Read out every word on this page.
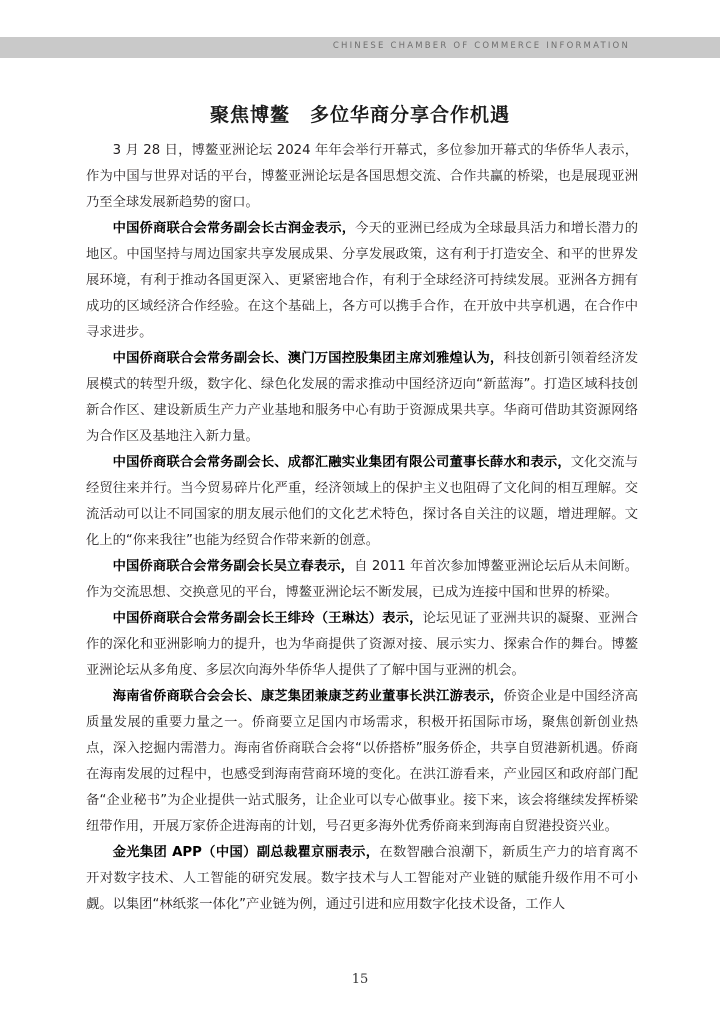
CHINESE CHAMBER OF COMMERCE INFORMATION
聚焦博鳌　多位华商分享合作机遇

3 月 28 日，博鳌亚洲论坛 2024 年年会举行开幕式，多位参加开幕式的华侨华人表示，作为中国与世界对话的平台，博鳌亚洲论坛是各国思想交流、合作共赢的桥梁，也是展现亚洲乃至全球发展新趋势的窗口。

中国侨商联合会常务副会长古润金表示，今天的亚洲已经成为全球最具活力和增长潜力的地区。中国坚持与周边国家共享发展成果、分享发展政策，这有利于打造安全、和平的世界发展环境，有利于推动各国更深入、更紧密地合作，有利于全球经济可持续发展。亚洲各方拥有成功的区域经济合作经验。在这个基础上，各方可以携手合作，在开放中共享机遇，在合作中寻求进步。

中国侨商联合会常务副会长、澳门万国控股集团主席刘雅煌认为，科技创新引领着经济发展模式的转型升级，数字化、绿色化发展的需求推动中国经济迈向“新蓝海”。打造区域科技创新合作区、建设新质生产力产业基地和服务中心有助于资源成果共享。华商可借助其资源网络为合作区及基地注入新力量。

中国侨商联合会常务副会长、成都汇融实业集团有限公司董事长薛水和表示，文化交流与经贸往来并行。当今贸易碎片化严重，经济领域上的保护主义也阻碍了文化间的相互理解。交流活动可以让不同国家的朋友展示他们的文化艺术特色，探讨各自关注的议题，增进理解。文化上的“你来我往”也能为经贸合作带来新的创意。

中国侨商联合会常务副会长吴立春表示，自 2011 年首次参加博鳌亚洲论坛后从未间断。作为交流思想、交换意见的平台，博鳌亚洲论坛不断发展，已成为连接中国和世界的桥梁。

中国侨商联合会常务副会长王绯玲（王琳达）表示，论坛见证了亚洲共识的凝聚、亚洲合作的深化和亚洲影响力的提升，也为华商提供了资源对接、展示实力、探索合作的舞台。博鳌亚洲论坛从多角度、多层次向海外华侨华人提供了了解中国与亚洲的机会。

海南省侨商联合会会长、康芝集团兼康芝药业董事长洪江游表示，侨资企业是中国经济高质量发展的重要力量之一。侨商要立足国内市场需求，积极开拓国际市场，聚焦创新创业热点，深入挖掘内需潜力。海南省侨商联合会将“以侨搭桥”服务侨企，共享自贸港新机遇。侨商在海南发展的过程中，也感受到海南营商环境的变化。在洪江游看来，产业园区和政府部门配备“企业秘书”为企业提供一站式服务，让企业可以专心做事业。接下来，该会将继续发挥桥梁纽带作用，开展万家侨企进海南的计划，号召更多海外优秀侨商来到海南自贸港投资兴业。

金光集团 APP（中国）副总裁瞿京丽表示，在数智融合浪潮下，新质生产力的培育离不开对数字技术、人工智能的研究发展。数字技术与人工智能对产业链的赋能升级作用不可小觑。以集团“林纸浆一体化”产业链为例，通过引进和应用数字化技术设备，工作人

15
